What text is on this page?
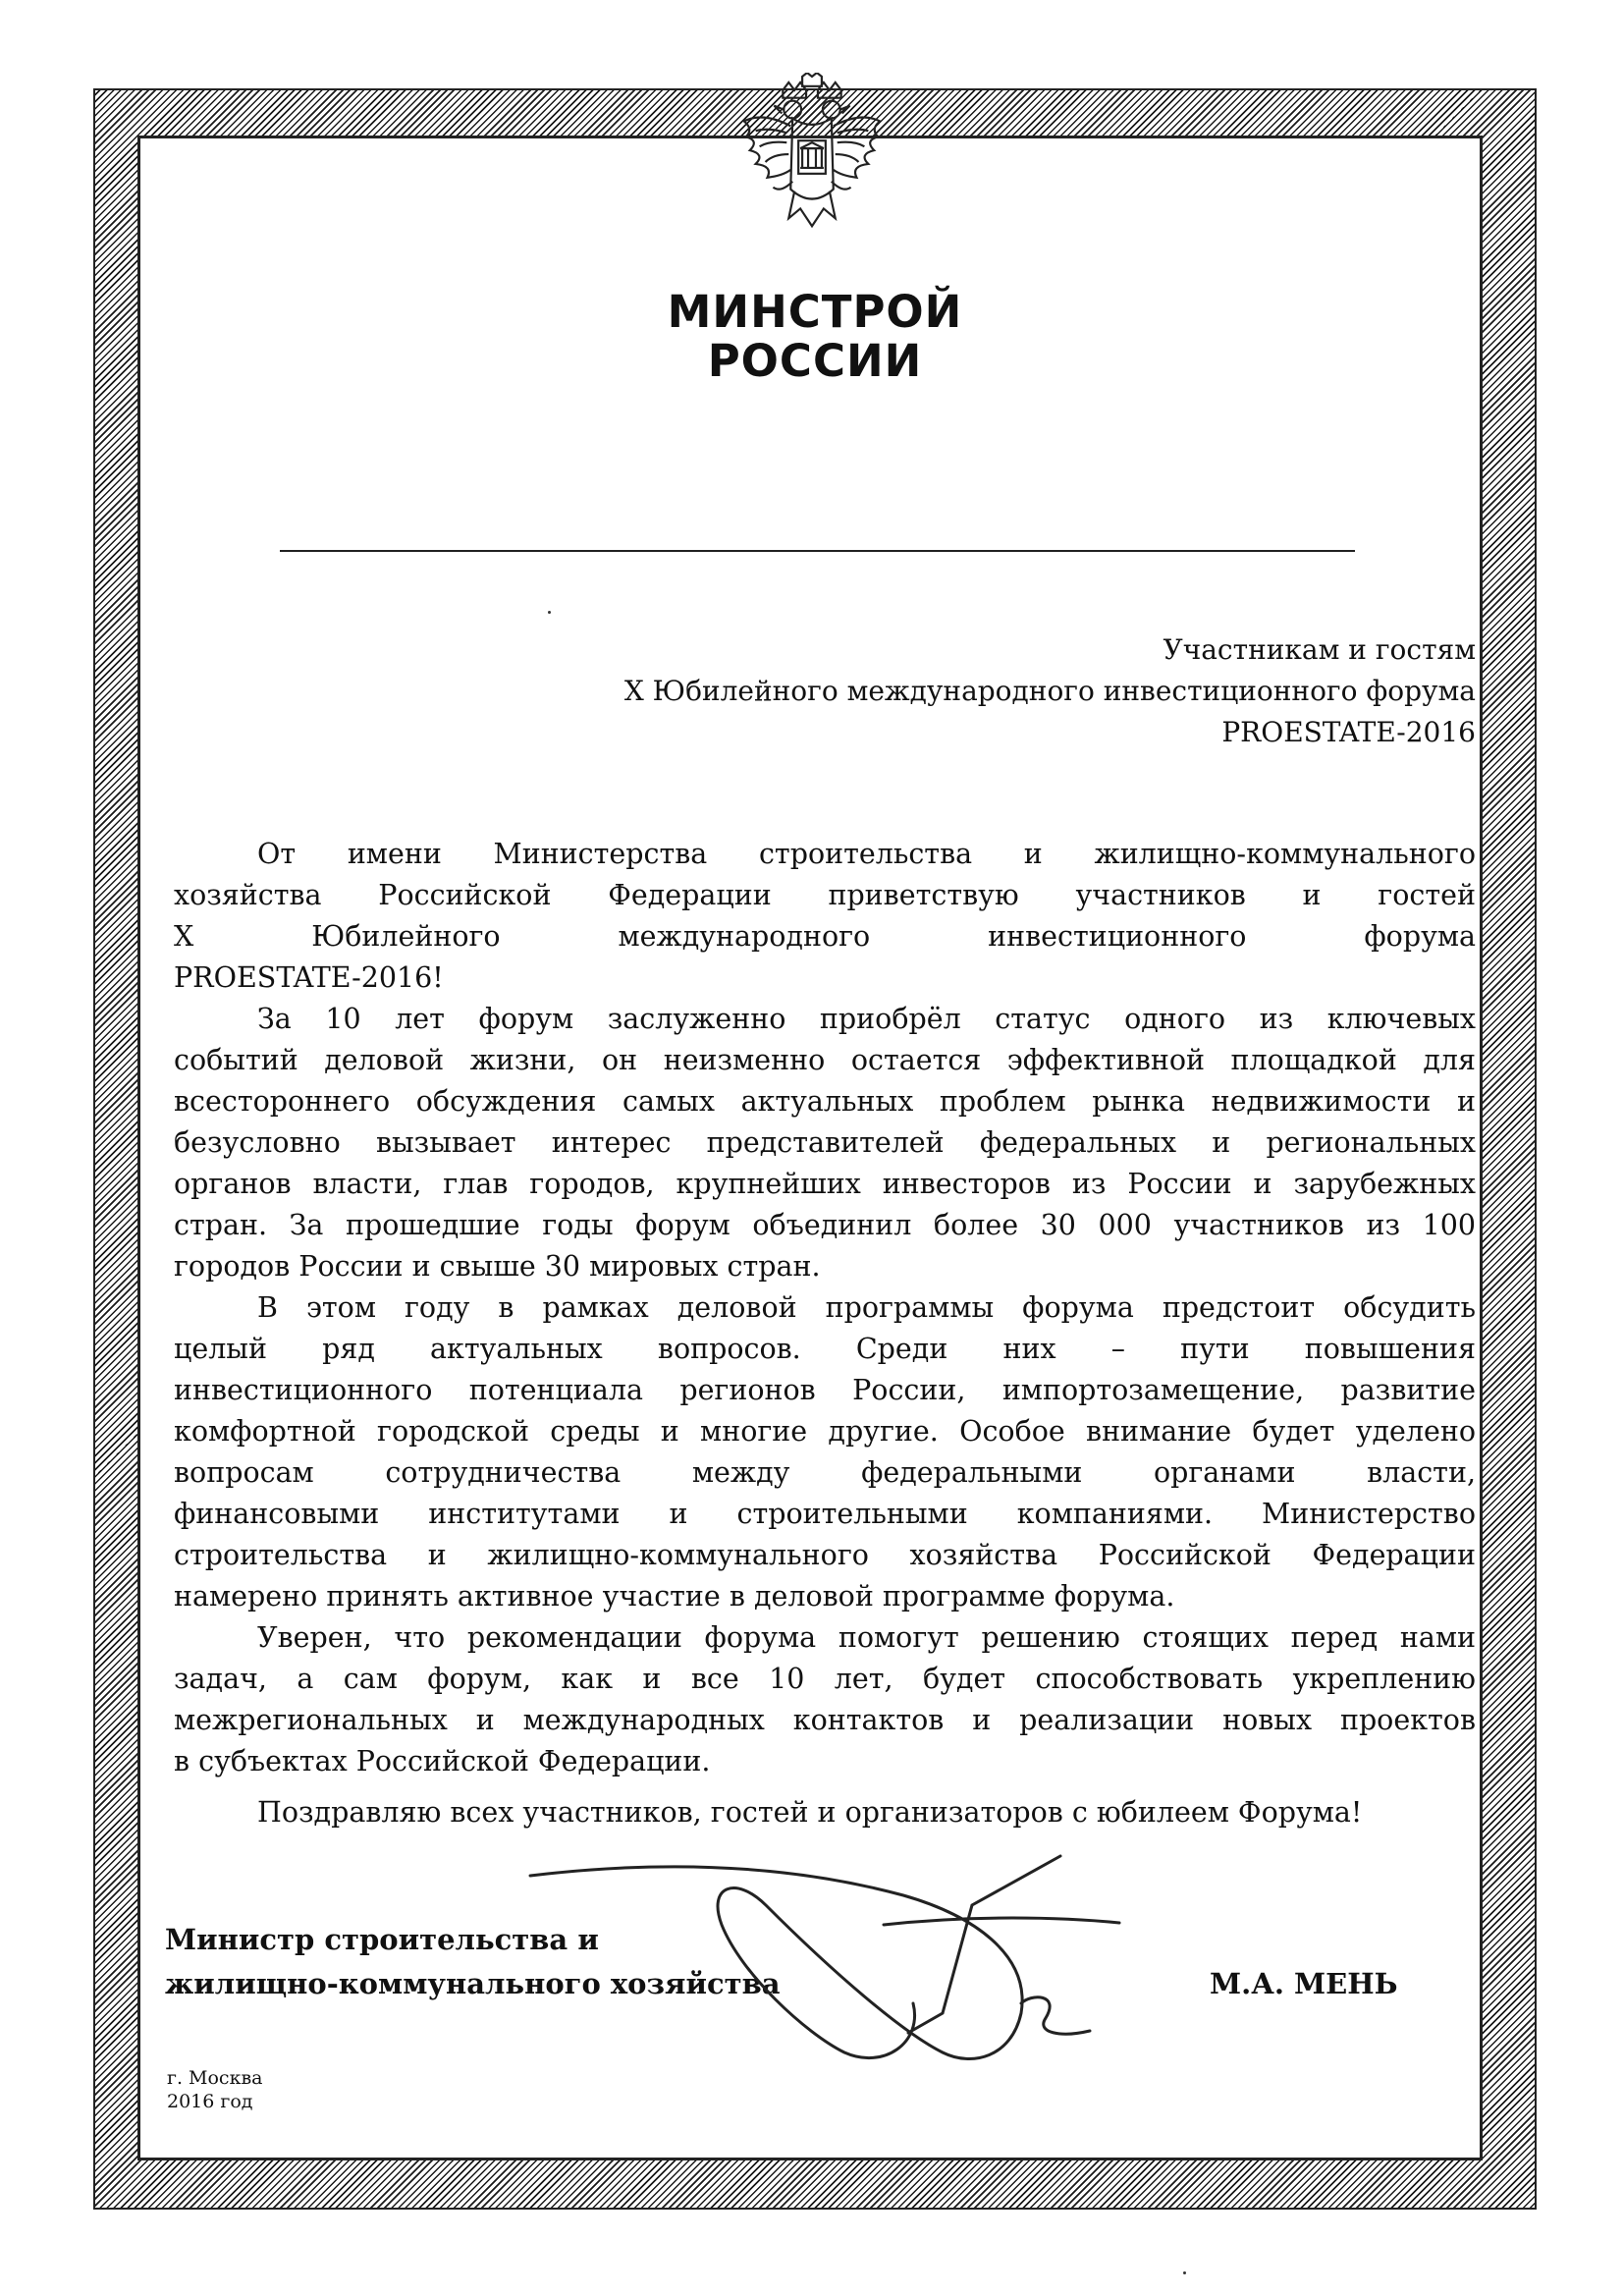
МИНСТРОЙ
РОССИИ
Участникам и гостям
X Юбилейного международного инвестиционного форума
PROESTATE-2016
От имени Министерства строительства и жилищно-коммунального
хозяйства Российской Федерации приветствую участников и гостей
X Юбилейного международного инвестиционного форума
PROESTATE-2016!
За 10 лет форум заслуженно приобрёл статус одного из ключевых
событий деловой жизни, он неизменно остается эффективной площадкой для
всестороннего обсуждения самых актуальных проблем рынка недвижимости и
безусловно вызывает интерес представителей федеральных и региональных
органов власти, глав городов, крупнейших инвесторов из России и зарубежных
стран. За прошедшие годы форум объединил более 30 000 участников из 100
городов России и свыше 30 мировых стран.
В этом году в рамках деловой программы форума предстоит обсудить
целый ряд актуальных вопросов. Среди них – пути повышения
инвестиционного потенциала регионов России, импортозамещение, развитие
комфортной городской среды и многие другие. Особое внимание будет уделено
вопросам сотрудничества между федеральными органами власти,
финансовыми институтами и строительными компаниями. Министерство
строительства и жилищно-коммунального хозяйства Российской Федерации
намерено принять активное участие в деловой программе форума.
Уверен, что рекомендации форума помогут решению стоящих перед нами
задач, а сам форум, как и все 10 лет, будет способствовать укреплению
межрегиональных и международных контактов и реализации новых проектов
в субъектах Российской Федерации.
Поздравляю всех участников, гостей и организаторов с юбилеем Форума!
Министр строительства и
жилищно-коммунального хозяйства	М.А. МЕНЬ
г. Москва
2016 год
